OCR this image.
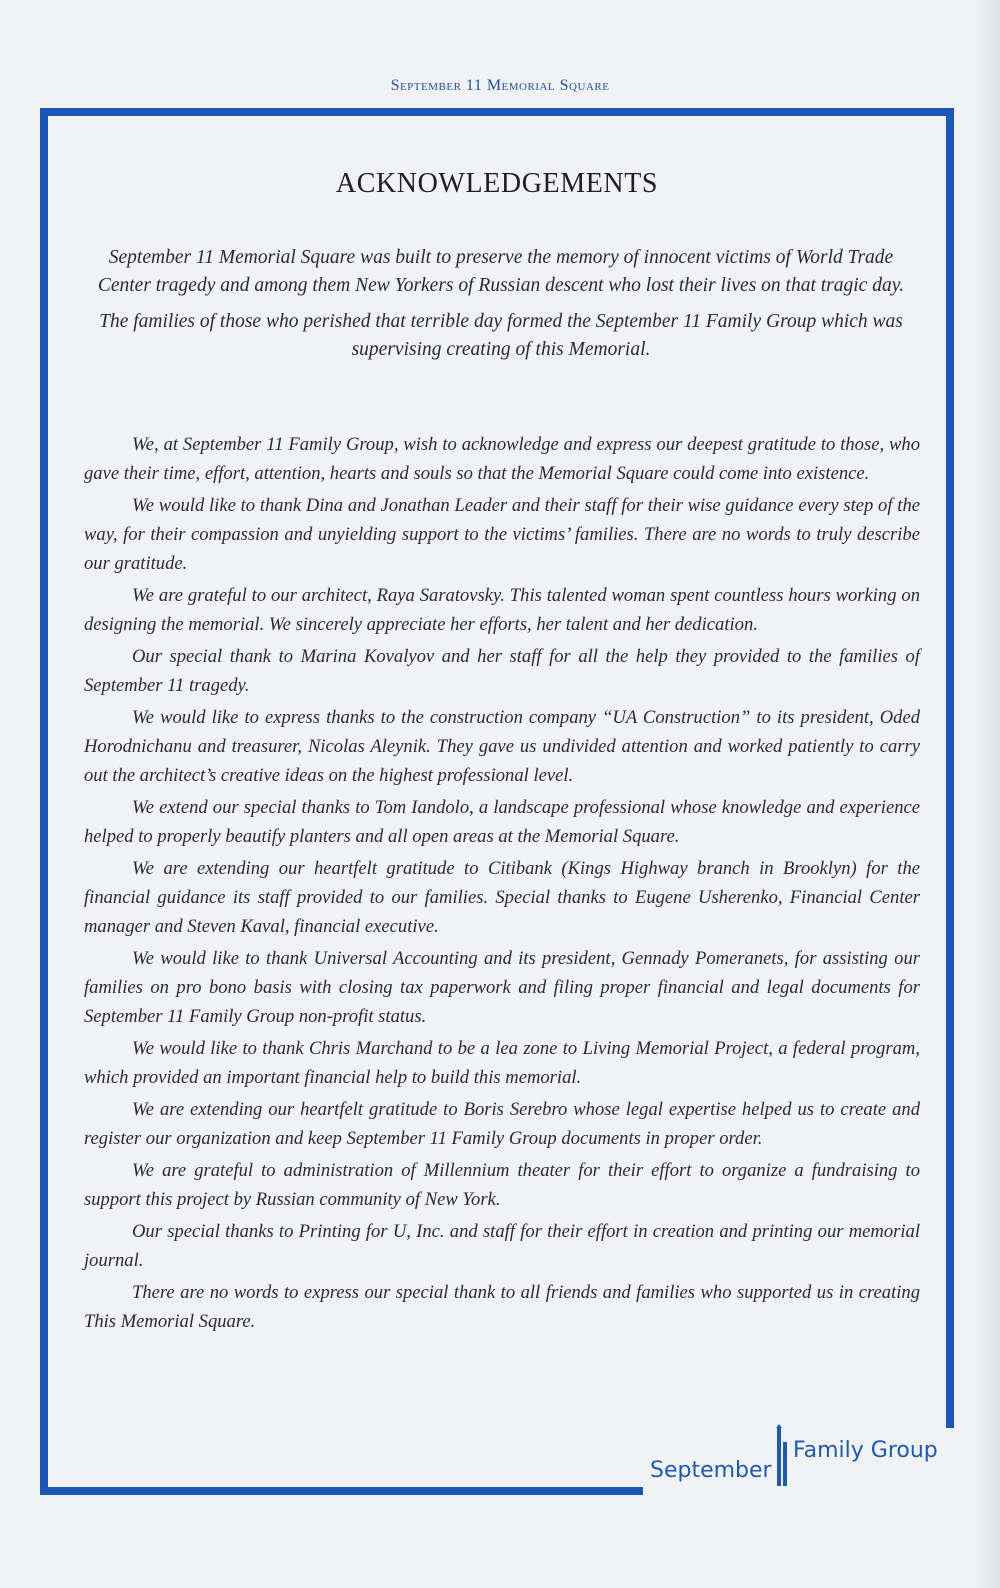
September 11 Memorial Square
ACKNOWLEDGEMENTS

September 11 Memorial Square was built to preserve the memory of innocent victims of World Trade Center tragedy and among them New Yorkers of Russian descent who lost their lives on that tragic day.

The families of those who perished that terrible day formed the September 11 Family Group which was supervising creating of this Memorial.

We, at September 11 Family Group, wish to acknowledge and express our deepest gratitude to those, who gave their time, effort, attention, hearts and souls so that the Memorial Square could come into existence.

We would like to thank Dina and Jonathan Leader and their staff for their wise guidance every step of the way, for their compassion and unyielding support to the victims’ families. There are no words to truly describe our gratitude.

We are grateful to our architect, Raya Saratovsky. This talented woman spent countless hours working on designing the memorial. We sincerely appreciate her efforts, her talent and her dedication.

Our special thank to Marina Kovalyov and her staff for all the help they provided to the families of September 11 tragedy.

We would like to express thanks to the construction company “UA Construction” to its president, Oded Horodnichanu and treasurer, Nicolas Aleynik. They gave us undivided attention and worked patiently to carry out the architect’s creative ideas on the highest professional level.

We extend our special thanks to Tom Iandolo, a landscape professional whose knowledge and experience helped to properly beautify planters and all open areas at the Memorial Square.

We are extending our heartfelt gratitude to Citibank (Kings Highway branch in Brooklyn) for the financial guidance its staff provided to our families. Special thanks to Eugene Usherenko, Financial Center manager and Steven Kaval, financial executive.

We would like to thank Universal Accounting and its president, Gennady Pomeranets, for assisting our families on pro bono basis with closing tax paperwork and filing proper financial and legal documents for September 11 Family Group non-profit status.

We would like to thank Chris Marchand to be a lea zone to Living Memorial Project, a federal program, which provided an important financial help to build this memorial.

We are extending our heartfelt gratitude to Boris Serebro whose legal expertise helped us to create and register our organization and keep September 11 Family Group documents in proper order.

We are grateful to administration of Millennium theater for their effort to organize a fundraising to support this project by Russian community of New York.

Our special thanks to Printing for U, Inc. and staff for their effort in creation and printing our memorial journal.

There are no words to express our special thank to all friends and families who supported us in creating This Memorial Square.

September
Family Group
